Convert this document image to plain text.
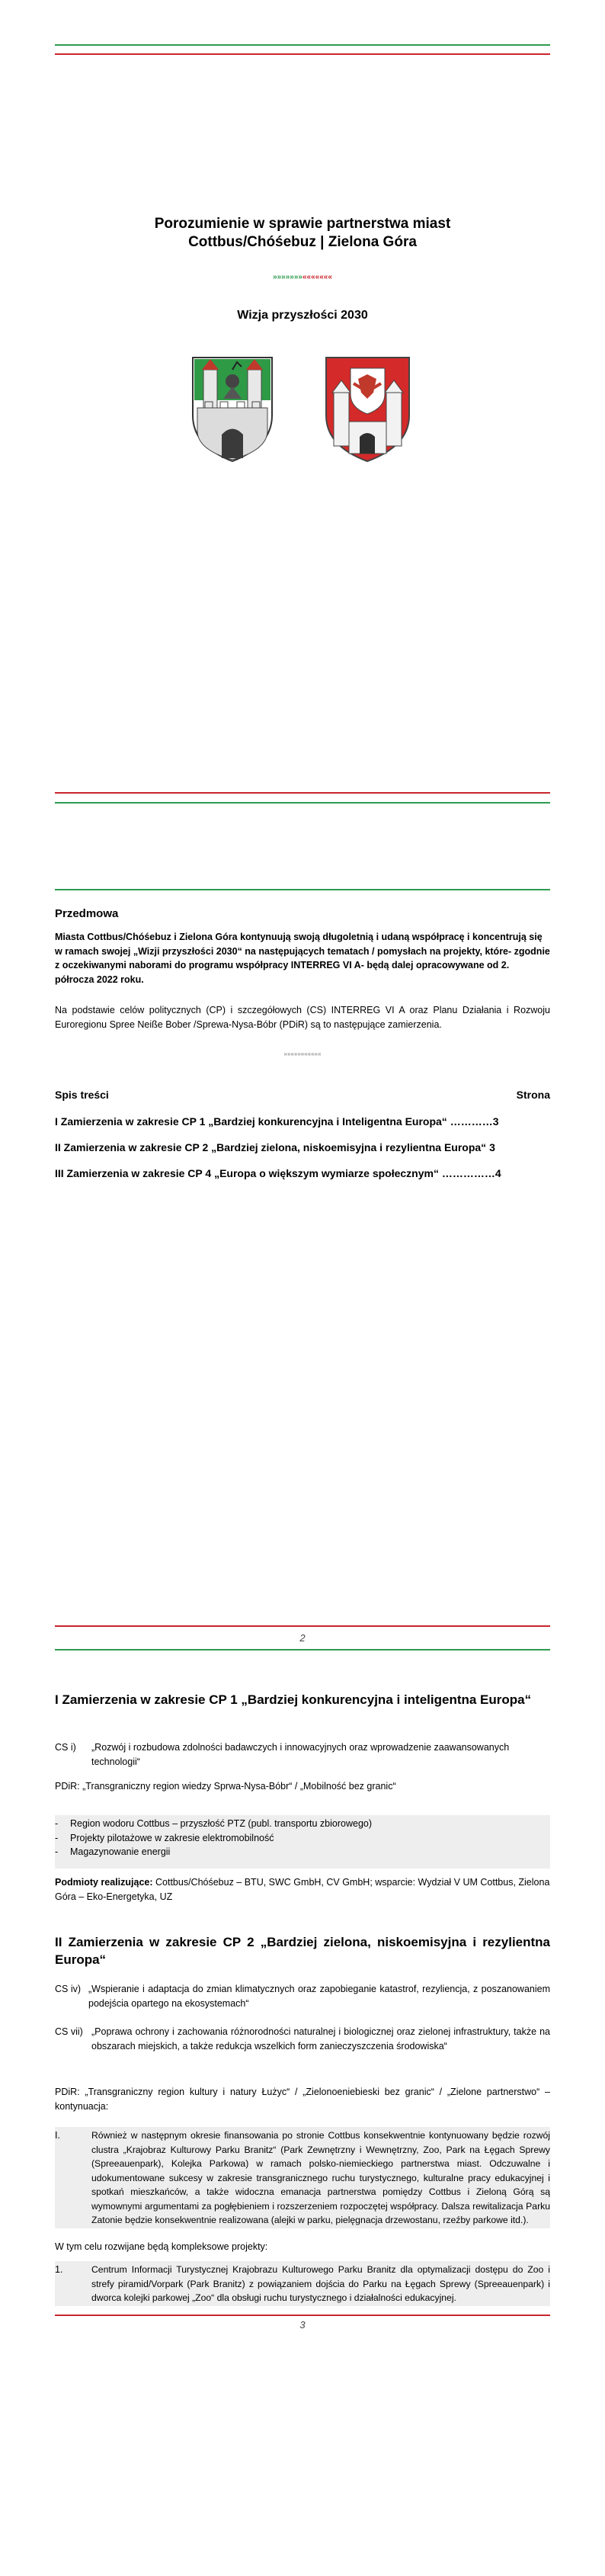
Porozumienie w sprawie partnerstwa miast
Cottbus/Chóśebuz | Zielona Góra
»»»»»»»«««««««
Wizja przyszłości 2030
Przedmowa
Miasta Cottbus/Chóśebuz i Zielona Góra kontynuują swoją długoletnią i udaną współpracę i koncentrują się w ramach swojej „Wizji przyszłości 2030“ na następujących tematach / pomysłach na projekty, które- zgodnie z oczekiwanymi naborami do programu współpracy INTERREG VI A- będą dalej opracowywane od 2. półrocza 2022 roku.
Na podstawie celów politycznych (CP) i szczegółowych (CS) INTERREG VI A oraz Planu Działania i Rozwoju Euroregionu Spree Neiße Bober /Sprewa-Nysa-Bóbr (PDiR) są to następujące zamierzenia.
»»»»»»«««««
Spis treści	Strona
I Zamierzenia w zakresie CP 1 „Bardziej konkurencyjna i Inteligentna Europa“ …………3
II Zamierzenia w zakresie CP 2 „Bardziej zielona, niskoemisyjna i rezylientna Europa“ 3
III Zamierzenia w zakresie CP 4 „Europa o większym wymiarze społecznym“ ……………4
2
I Zamierzenia w zakresie CP 1 „Bardziej konkurencyjna i inteligentna Europa“
CS i)	„Rozwój i rozbudowa zdolności badawczych i innowacyjnych oraz wprowadzenie zaawansowanych technologii“
PDiR: „Transgraniczny region wiedzy Sprwa-Nysa-Bóbr“ / „Mobilność bez granic“
- Region wodoru Cottbus – przyszłość PTZ (publ. transportu zbiorowego)
- Projekty pilotażowe w zakresie elektromobilność
- Magazynowanie energii
Podmioty realizujące: Cottbus/Chóśebuz – BTU, SWC GmbH, CV GmbH; wsparcie: Wydział V UM Cottbus, Zielona Góra – Eko-Energetyka, UZ
II Zamierzenia w zakresie CP 2 „Bardziej zielona, niskoemisyjna i rezylientna Europa“
CS iv) „Wspieranie i adaptacja do zmian klimatycznych oraz zapobieganie katastrof, rezyliencja, z poszanowaniem podejścia opartego na ekosystemach“
CS vii) „Poprawa ochrony i zachowania różnorodności naturalnej i biologicznej oraz zielonej infrastruktury, także na obszarach miejskich, a także redukcja wszelkich form zanieczyszczenia środowiska“
PDiR: „Transgraniczny region kultury i natury Łużyc“ / „Zielonoeniebieski bez granic“ / „Zielone partnerstwo“ – kontynuacja:
I.	Również w następnym okresie finansowania po stronie Cottbus konsekwentnie kontynuowany będzie rozwój clustra „Krajobraz Kulturowy Parku Branitz“ (Park Zewnętrzny i Wewnętrzny, Zoo, Park na Łęgach Sprewy (Spreeauenpark), Kolejka Parkowa) w ramach polsko-niemieckiego partnerstwa miast. Odczuwalne i udokumentowane sukcesy w zakresie transgranicznego ruchu turystycznego, kulturalne pracy edukacyjnej i spotkań mieszkańców, a także widoczna emanacja partnerstwa pomiędzy Cottbus i Zieloną Górą są wymownymi argumentami za pogłębieniem i rozszerzeniem rozpoczętej współpracy. Dalsza rewitalizacja Parku Zatonie będzie konsekwentnie realizowana (alejki w parku, pielęgnacja drzewostanu, rzeźby parkowe itd.).
W tym celu rozwijane będą kompleksowe projekty:
1.	Centrum Informacji Turystycznej Krajobrazu Kulturowego Parku Branitz dla optymalizacji dostępu do Zoo i strefy piramid/Vorpark (Park Branitz) z powiązaniem dojścia do Parku na Łęgach Sprewy (Spreeauenpark) i dworca kolejki parkowej „Zoo“ dla obsługi ruchu turystycznego i działalności edukacyjnej.
3
